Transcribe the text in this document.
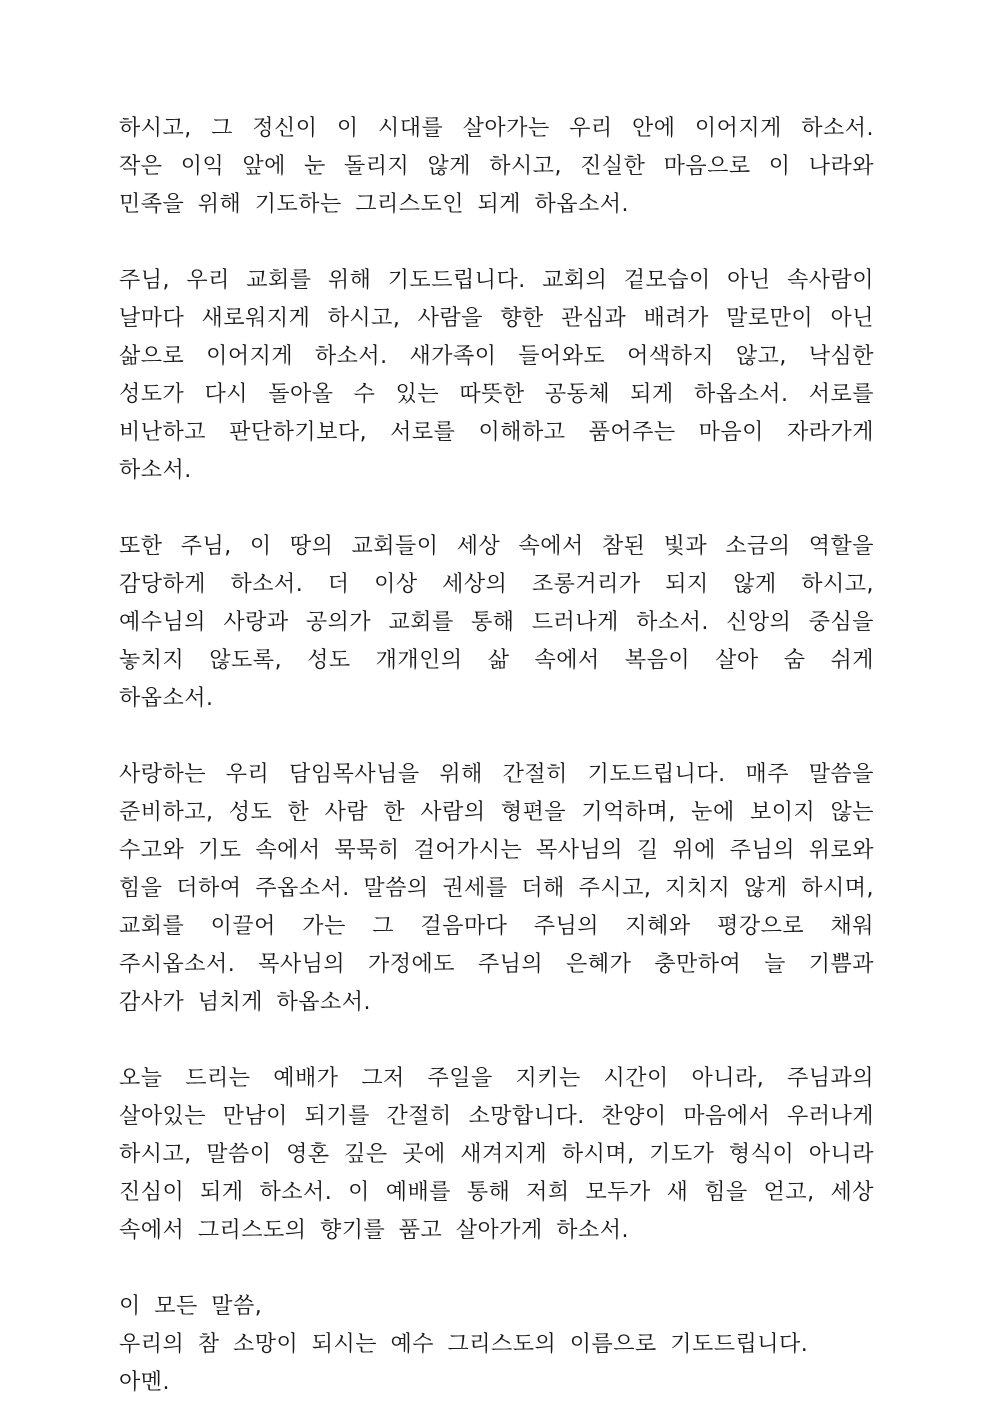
하시고, 그 정신이 이 시대를 살아가는 우리 안에 이어지게 하소서. 작은 이익 앞에 눈 돌리지 않게 하시고, 진실한 마음으로 이 나라와 민족을 위해 기도하는 그리스도인 되게 하옵소서.

주님, 우리 교회를 위해 기도드립니다. 교회의 겉모습이 아닌 속사람이 날마다 새로워지게 하시고, 사람을 향한 관심과 배려가 말로만이 아닌 삶으로 이어지게 하소서. 새가족이 들어와도 어색하지 않고, 낙심한 성도가 다시 돌아올 수 있는 따뜻한 공동체 되게 하옵소서. 서로를 비난하고 판단하기보다, 서로를 이해하고 품어주는 마음이 자라가게 하소서.

또한 주님, 이 땅의 교회들이 세상 속에서 참된 빛과 소금의 역할을 감당하게 하소서. 더 이상 세상의 조롱거리가 되지 않게 하시고, 예수님의 사랑과 공의가 교회를 통해 드러나게 하소서. 신앙의 중심을 놓치지 않도록, 성도 개개인의 삶 속에서 복음이 살아 숨 쉬게 하옵소서.

사랑하는 우리 담임목사님을 위해 간절히 기도드립니다. 매주 말씀을 준비하고, 성도 한 사람 한 사람의 형편을 기억하며, 눈에 보이지 않는 수고와 기도 속에서 묵묵히 걸어가시는 목사님의 길 위에 주님의 위로와 힘을 더하여 주옵소서. 말씀의 권세를 더해 주시고, 지치지 않게 하시며, 교회를 이끌어 가는 그 걸음마다 주님의 지혜와 평강으로 채워 주시옵소서. 목사님의 가정에도 주님의 은혜가 충만하여 늘 기쁨과 감사가 넘치게 하옵소서.

오늘 드리는 예배가 그저 주일을 지키는 시간이 아니라, 주님과의 살아있는 만남이 되기를 간절히 소망합니다. 찬양이 마음에서 우러나게 하시고, 말씀이 영혼 깊은 곳에 새겨지게 하시며, 기도가 형식이 아니라 진심이 되게 하소서. 이 예배를 통해 저희 모두가 새 힘을 얻고, 세상 속에서 그리스도의 향기를 품고 살아가게 하소서.

이 모든 말씀,
우리의 참 소망이 되시는 예수 그리스도의 이름으로 기도드립니다.
아멘.
